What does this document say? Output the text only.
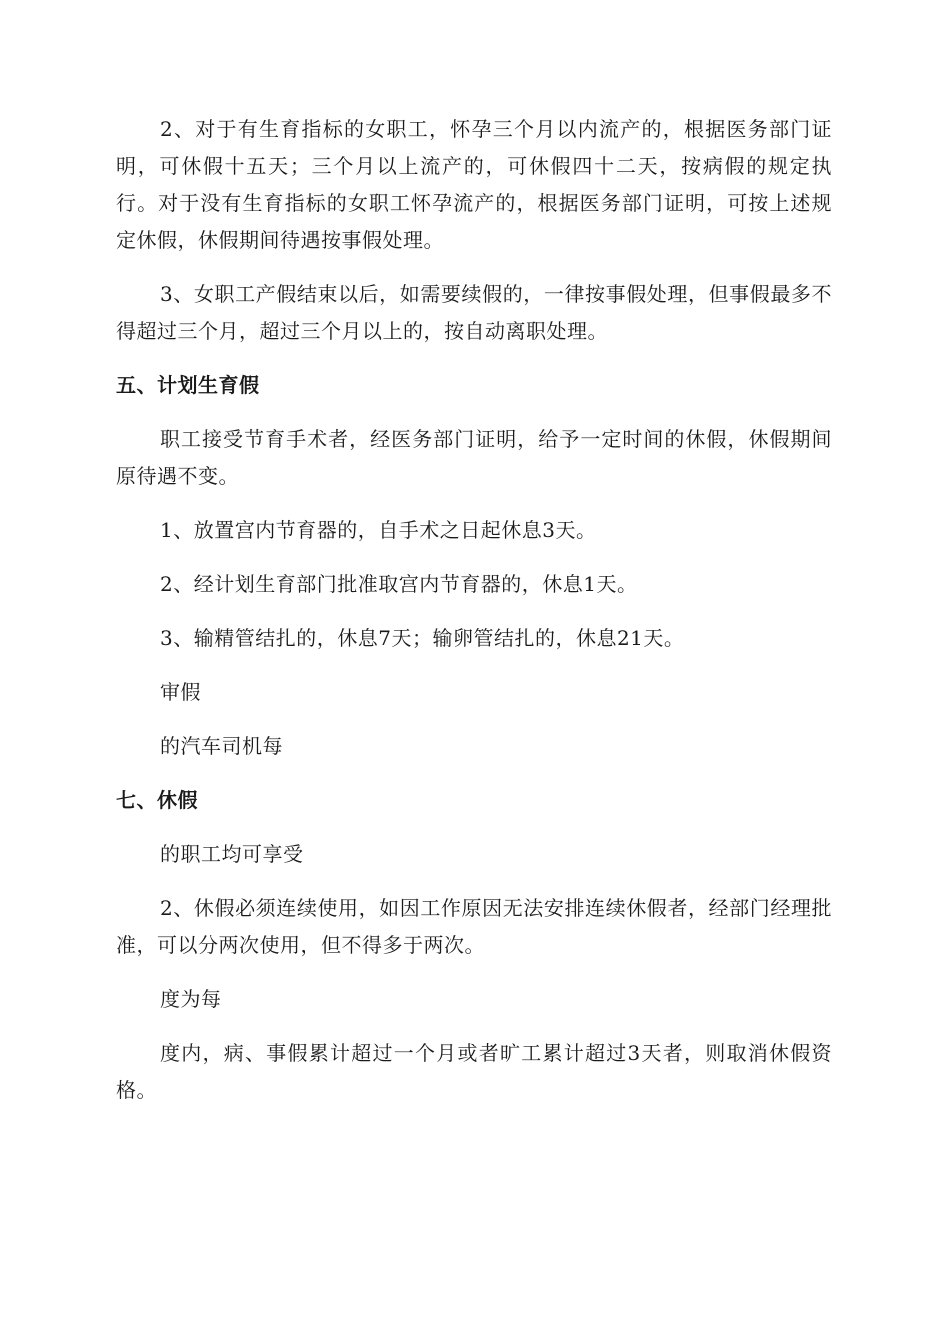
2、对于有生育指标的女职工，怀孕三个月以内流产的，根据医务部门证明，可休假十五天；三个月以上流产的，可休假四十二天，按病假的规定执行。对于没有生育指标的女职工怀孕流产的，根据医务部门证明，可按上述规定休假，休假期间待遇按事假处理。

3、女职工产假结束以后，如需要续假的，一律按事假处理，但事假最多不得超过三个月，超过三个月以上的，按自动离职处理。

五、计划生育假

职工接受节育手术者，经医务部门证明，给予一定时间的休假，休假期间原待遇不变。

1、放置宫内节育器的，自手术之日起休息3天。

2、经计划生育部门批准取宫内节育器的，休息1天。

3、输精管结扎的，休息7天；输卵管结扎的，休息21天。

审假

的汽车司机每

七、休假

的职工均可享受

2、休假必须连续使用，如因工作原因无法安排连续休假者，经部门经理批准，可以分两次使用，但不得多于两次。

度为每

度内，病、事假累计超过一个月或者旷工累计超过3天者，则取消休假资格。
